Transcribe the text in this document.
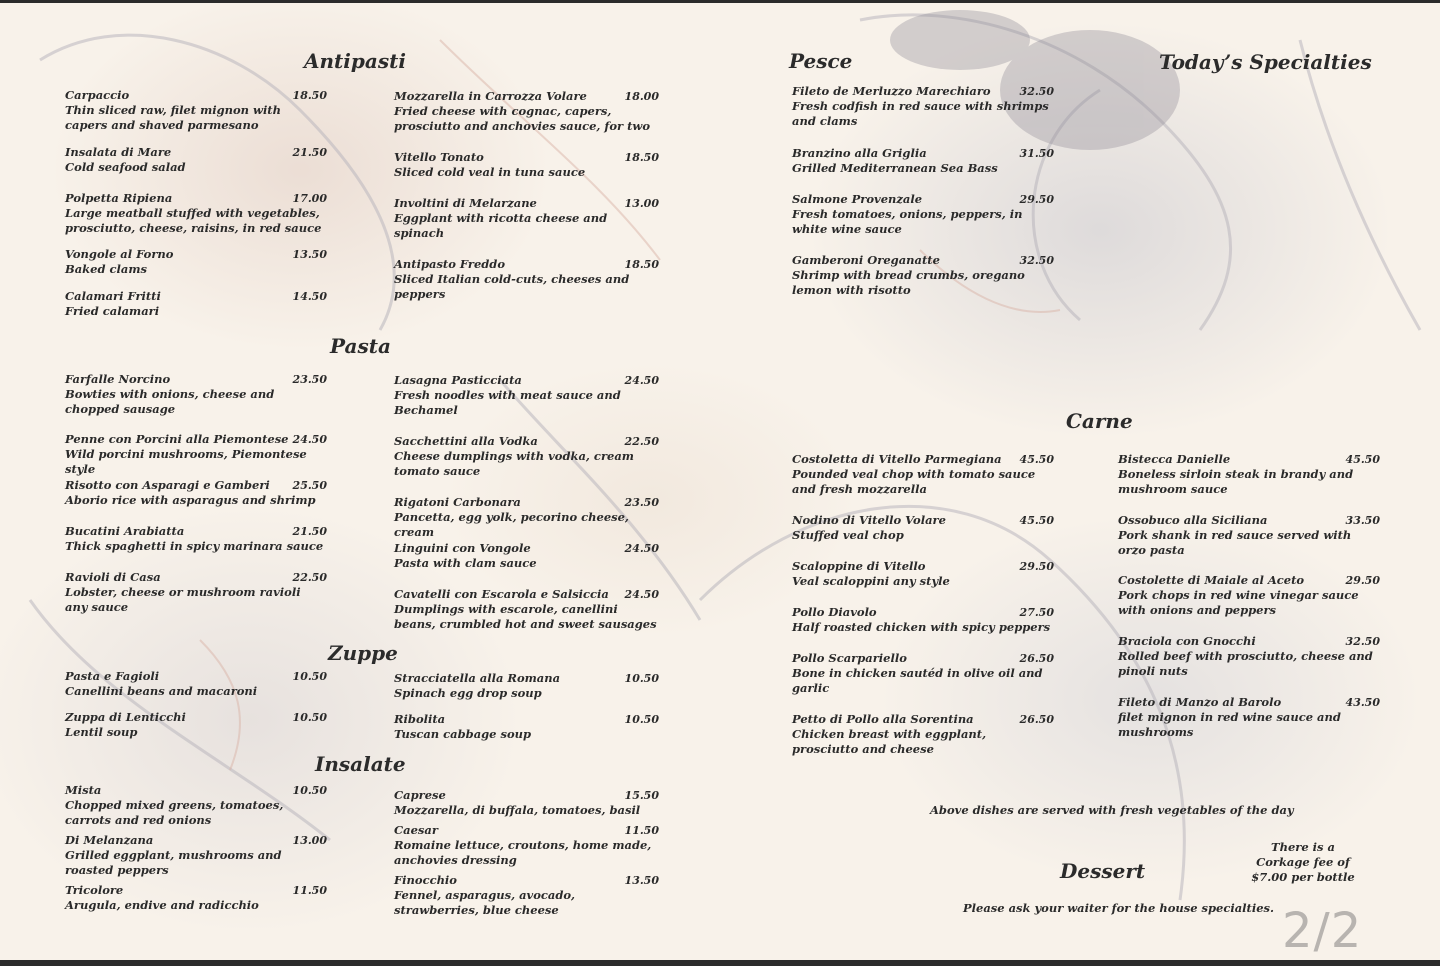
Antipasti
Pasta
Zuppe
Insalate
Pesce	Today’s Specialties
Carne
Dessert
Carpaccio	18.50
Thin sliced raw, filet mignon with capers and shaved parmesano
Insalata di Mare	21.50
Cold seafood salad
Polpetta Ripiena	17.00
Large meatball stuffed with vegetables, prosciutto, cheese, raisins, in red sauce
Vongole al Forno	13.50
Baked clams
Calamari Fritti	14.50
Fried calamari
Mozzarella in Carrozza Volare	18.00
Fried cheese with cognac, capers, prosciutto and anchovies sauce, for two
Vitello Tonato	18.50
Sliced cold veal in tuna sauce
Involtini di Melarzane	13.00
Eggplant with ricotta cheese and spinach
Antipasto Freddo	18.50
Sliced Italian cold-cuts, cheeses and peppers
Farfalle Norcino	23.50
Bowties with onions, cheese and chopped sausage
Penne con Porcini alla Piemontese 24.50
Wild porcini mushrooms, Piemontese style
Risotto con Asparagi e Gamberi	25.50
Aborio rice with asparagus and shrimp
Bucatini Arabiatta	21.50
Thick spaghetti in spicy marinara sauce
Ravioli di Casa	22.50
Lobster, cheese or mushroom ravioli any sauce
Lasagna Pasticciata	24.50
Fresh noodles with meat sauce and Bechamel
Sacchettini alla Vodka	22.50
Cheese dumplings with vodka, cream tomato sauce
Rigatoni Carbonara	23.50
Pancetta, egg yolk, pecorino cheese, cream
Linguini con Vongole	24.50
Pasta with clam sauce
Cavatelli con Escarola e Salsiccia	24.50
Dumplings with escarole, canellini beans, crumbled hot and sweet sausages
Pasta e Fagioli	10.50
Canellini beans and macaroni
Zuppa di Lenticchi	10.50
Lentil soup
Stracciatella alla Romana	10.50
Spinach egg drop soup
Ribolita	10.50
Tuscan cabbage soup
Mista	10.50
Chopped mixed greens, tomatoes, carrots and red onions
Di Melanzana	13.00
Grilled eggplant, mushrooms and roasted peppers
Tricolore	11.50
Arugula, endive and radicchio
Caprese	15.50
Mozzarella, di buffala, tomatoes, basil
Caesar	11.50
Romaine lettuce, croutons, home made, anchovies dressing
Finocchio	13.50
Fennel, asparagus, avocado, strawberries, blue cheese
Fileto de Merluzzo Marechiaro	32.50
Fresh codfish in red sauce with shrimps and clams
Branzino alla Griglia	31.50
Grilled Mediterranean Sea Bass
Salmone Provenzale	29.50
Fresh tomatoes, onions, peppers, in white wine sauce
Gamberoni Oreganatte	32.50
Shrimp with bread crumbs, oregano lemon with risotto
Costoletta di Vitello Parmegiana	45.50
Pounded veal chop with tomato sauce and fresh mozzarella
Nodino di Vitello Volare	45.50
Stuffed veal chop
Scaloppine di Vitello	29.50
Veal scaloppini any style
Pollo Diavolo	27.50
Half roasted chicken with spicy peppers
Pollo Scarpariello	26.50
Bone in chicken sautéd in olive oil and garlic
Petto di Pollo alla Sorentina	26.50
Chicken breast with eggplant, prosciutto and cheese
Bistecca Danielle	45.50
Boneless sirloin steak in brandy and mushroom sauce
Ossobuco alla Siciliana	33.50
Pork shank in red sauce served with orzo pasta
Costolette di Maiale al Aceto	29.50
Pork chops in red wine vinegar sauce with onions and peppers
Braciola con Gnocchi	32.50
Rolled beef with prosciutto, cheese and pinoli nuts
Fileto di Manzo al Barolo	43.50
filet mignon in red wine sauce and mushrooms
Above dishes are served with fresh vegetables of the day
Please ask your waiter for the house specialties.
There is a Corkage fee of $7.00 per bottle
2/2
